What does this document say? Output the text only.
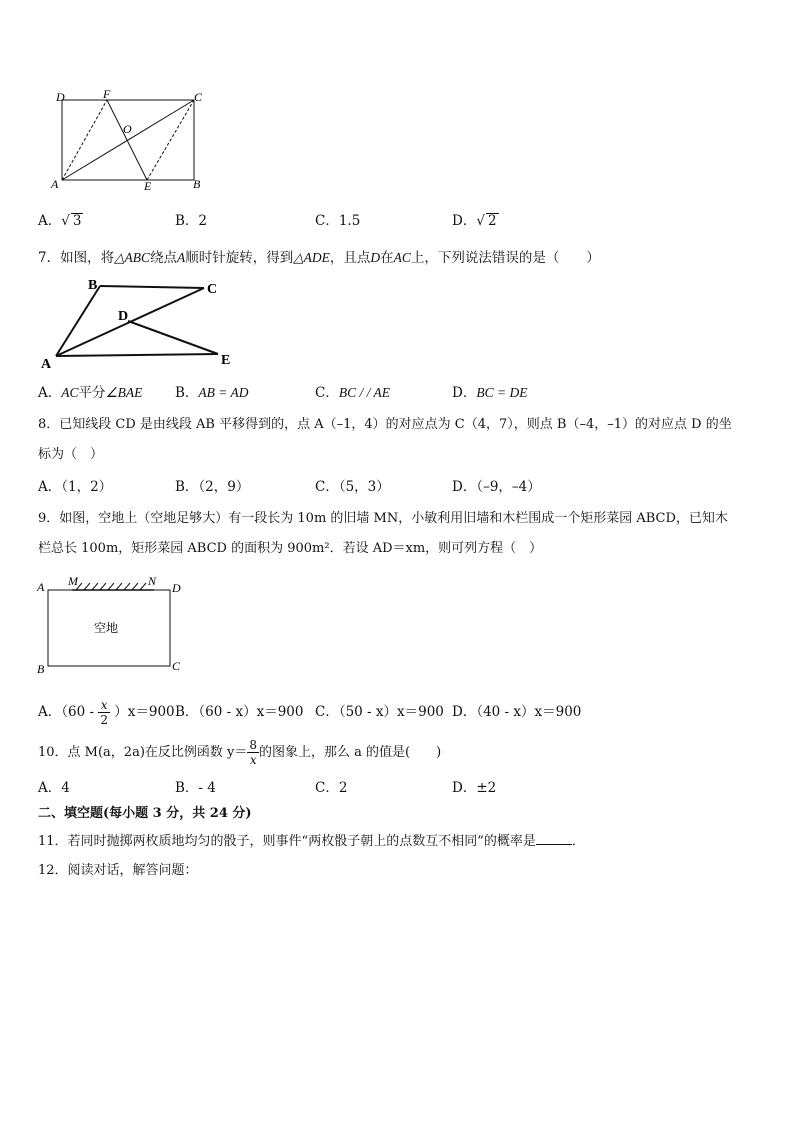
D	F	C
O
A	E	B
A．√ 3	B．2	C．1.5	D．√ 2
7．如图，将△ABC绕点A顺时针旋转，得到△ADE，且点D在AC上，下列说法错误的是（　　）
B	C
D
A	E
A．AC平分∠BAE B．AB = AD	C．BC / / AE	D．BC = DE
8．已知线段 CD 是由线段 AB 平移得到的，点 A（–1，4）的对应点为 C（4，7），则点 B（–4，–1）的对应点 D 的坐
标为（　）
A．（1，2）	B．（2，9）	C．（5，3）	D．（–9，–4）
9．如图，空地上（空地足够大）有一段长为 10m 的旧墙 MN，小敏利用旧墙和木栏围成一个矩形菜园 ABCD，已知木
栏总长 100m，矩形菜园 ABCD 的面积为 900m²．若设 AD＝xm，则可列方程（　）
A M	N D
B	C
空地
A．$(60 - \frac{x}{2} )x=900$ B．（60 - x）x＝900 C．（50 - x）x＝900 D．（40 - x）x＝900
10．点 M(a，2a)在反比例函数 $y= \frac{8}{x}$ 的图象上，那么 a 的值是(　　)
A．4	B．- 4	C．2	D．±2
二、填空题(每小题 3 分，共 24 分)
11．若同时抛掷两枚质地均匀的骰子，则事件“两枚骰子朝上的点数互不相同”的概率是	．
12．阅读对话，解答问题：
